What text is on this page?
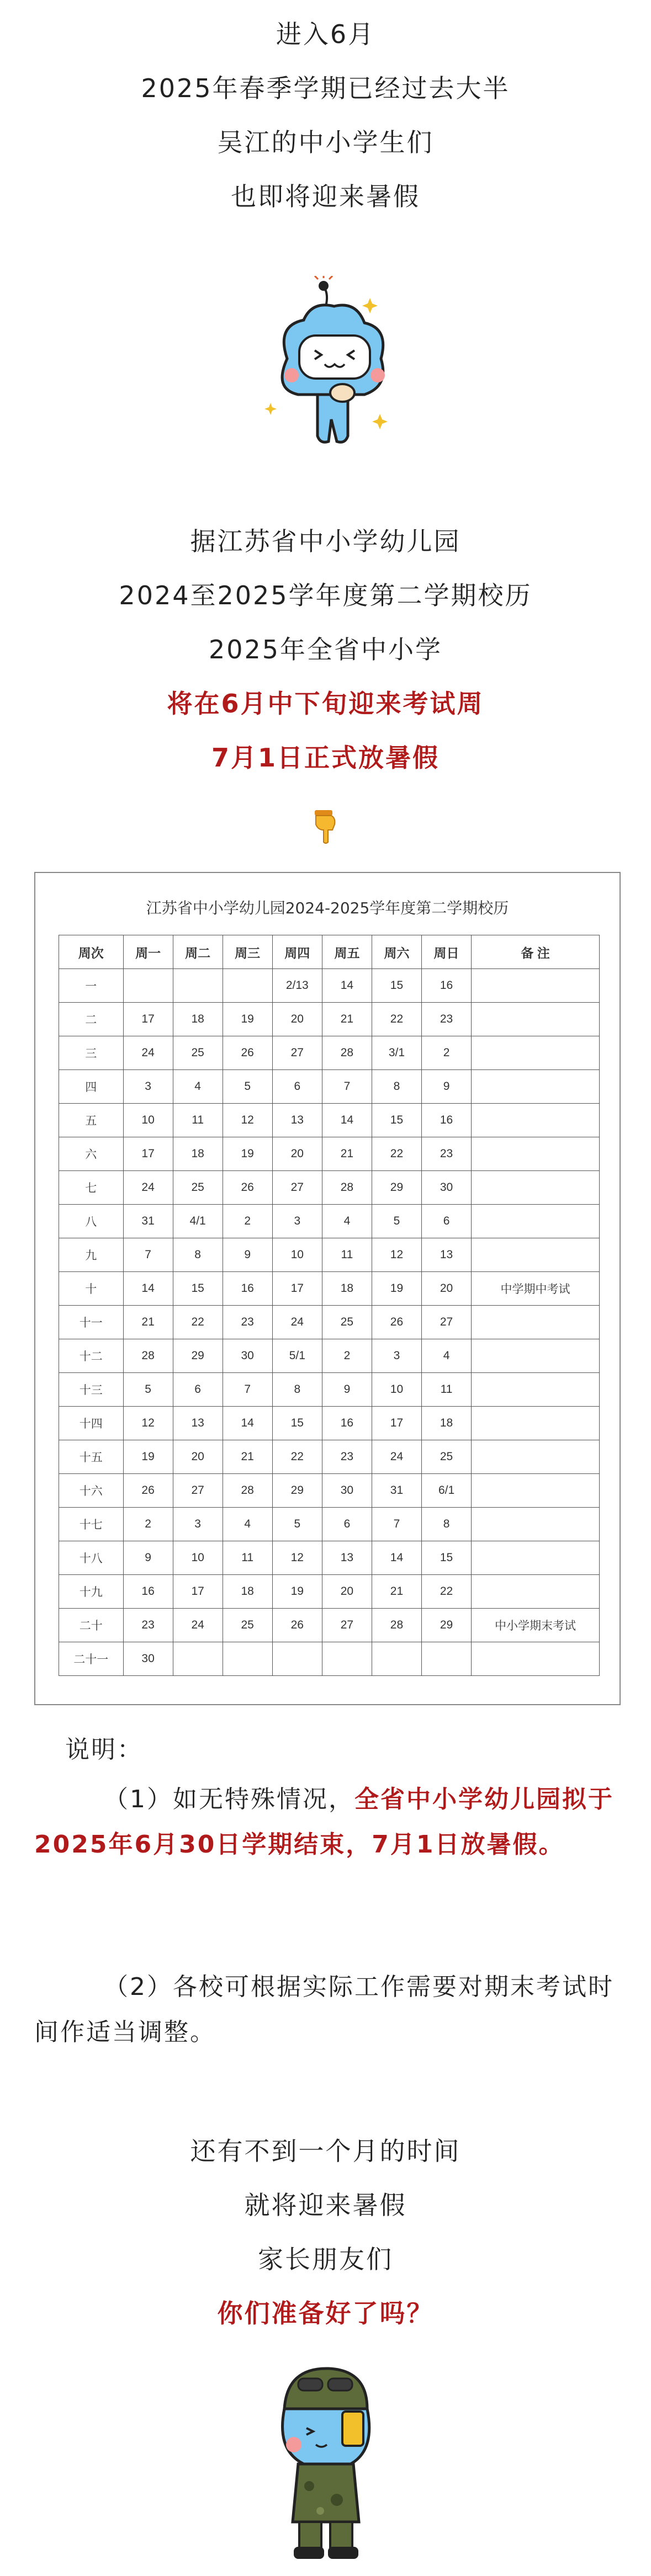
进入6月
2025年春季学期已经过去大半
吴江的中小学生们
也即将迎来暑假
据江苏省中小学幼儿园
2024至2025学年度第二学期校历
2025年全省中小学
将在6月中下旬迎来考试周
7月1日正式放暑假
江苏省中小学幼儿园2024-2025学年度第二学期校历
周次	周一	周二	周三	周四	周五	周六	周日	备 注
一				2/13	14	15	16	
二	17	18	19	20	21	22	23	
三	24	25	26	27	28	3/1	2	
四	3	4	5	6	7	8	9	
五	10	11	12	13	14	15	16	
六	17	18	19	20	21	22	23	
七	24	25	26	27	28	29	30	
八	31	4/1	2	3	4	5	6	
九	7	8	9	10	11	12	13	
十	14	15	16	17	18	19	20	中学期中考试
十一	21	22	23	24	25	26	27	
十二	28	29	30	5/1	2	3	4	
十三	5	6	7	8	9	10	11	
十四	12	13	14	15	16	17	18	
十五	19	20	21	22	23	24	25	
十六	26	27	28	29	30	31	6/1	
十七	2	3	4	5	6	7	8	
十八	9	10	11	12	13	14	15	
十九	16	17	18	19	20	21	22	
二十	23	24	25	26	27	28	29	中小学期末考试
二十一	30							
说明：
（1）如无特殊情况，全省中小学幼儿园拟于2025年6月30日学期结束，7月1日放暑假。
（2）各校可根据实际工作需要对期末考试时间作适当调整。
还有不到一个月的时间
就将迎来暑假
家长朋友们
你们准备好了吗？
